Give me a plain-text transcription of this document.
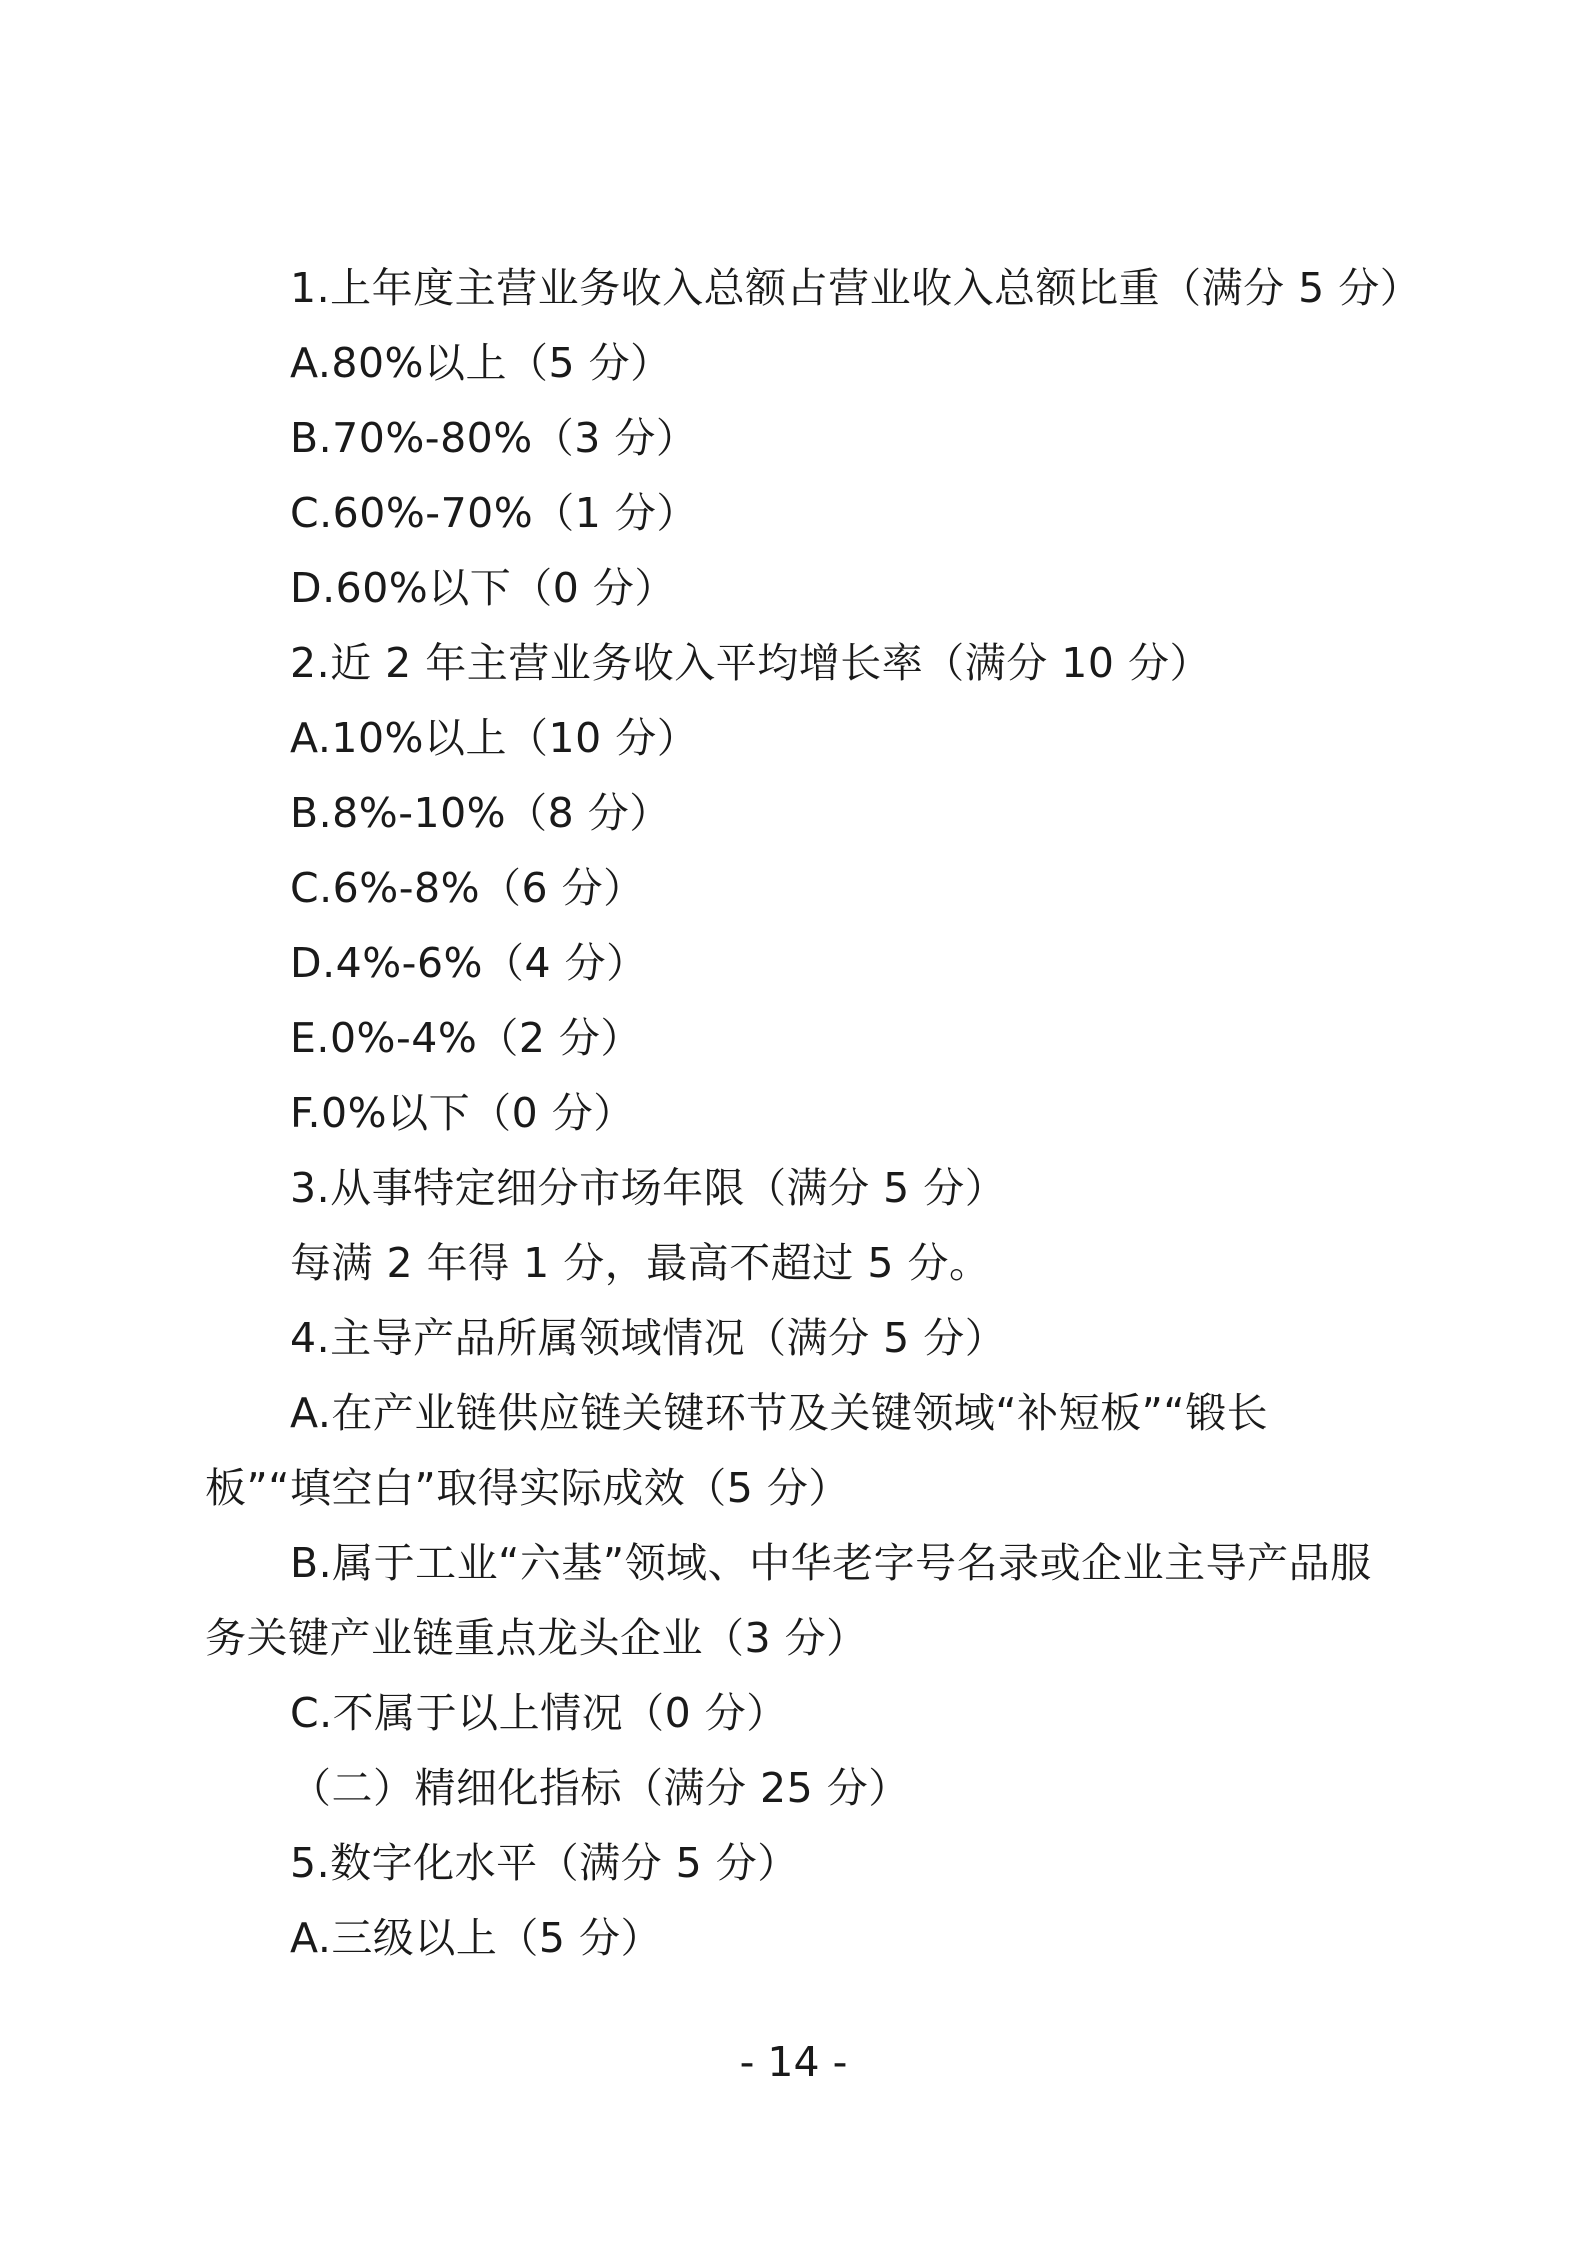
1.上年度主营业务收入总额占营业收入总额比重（满分 5 分）
A.80%以上（5 分）
B.70%-80%（3 分）
C.60%-70%（1 分）
D.60%以下（0 分）
2.近 2 年主营业务收入平均增长率（满分 10 分）
A.10%以上（10 分）
B.8%-10%（8 分）
C.6%-8%（6 分）
D.4%-6%（4 分）
E.0%-4%（2 分）
F.0%以下（0 分）
3.从事特定细分市场年限（满分 5 分）
每满 2 年得 1 分，最高不超过 5 分。
4.主导产品所属领域情况（满分 5 分）
A.在产业链供应链关键环节及关键领域“补短板”“锻长
板”“填空白”取得实际成效（5 分）
B.属于工业“六基”领域、中华老字号名录或企业主导产品服
务关键产业链重点龙头企业（3 分）
C.不属于以上情况（0 分）
（二）精细化指标（满分 25 分）
5.数字化水平（满分 5 分）
A.三级以上（5 分）
- 14 -
